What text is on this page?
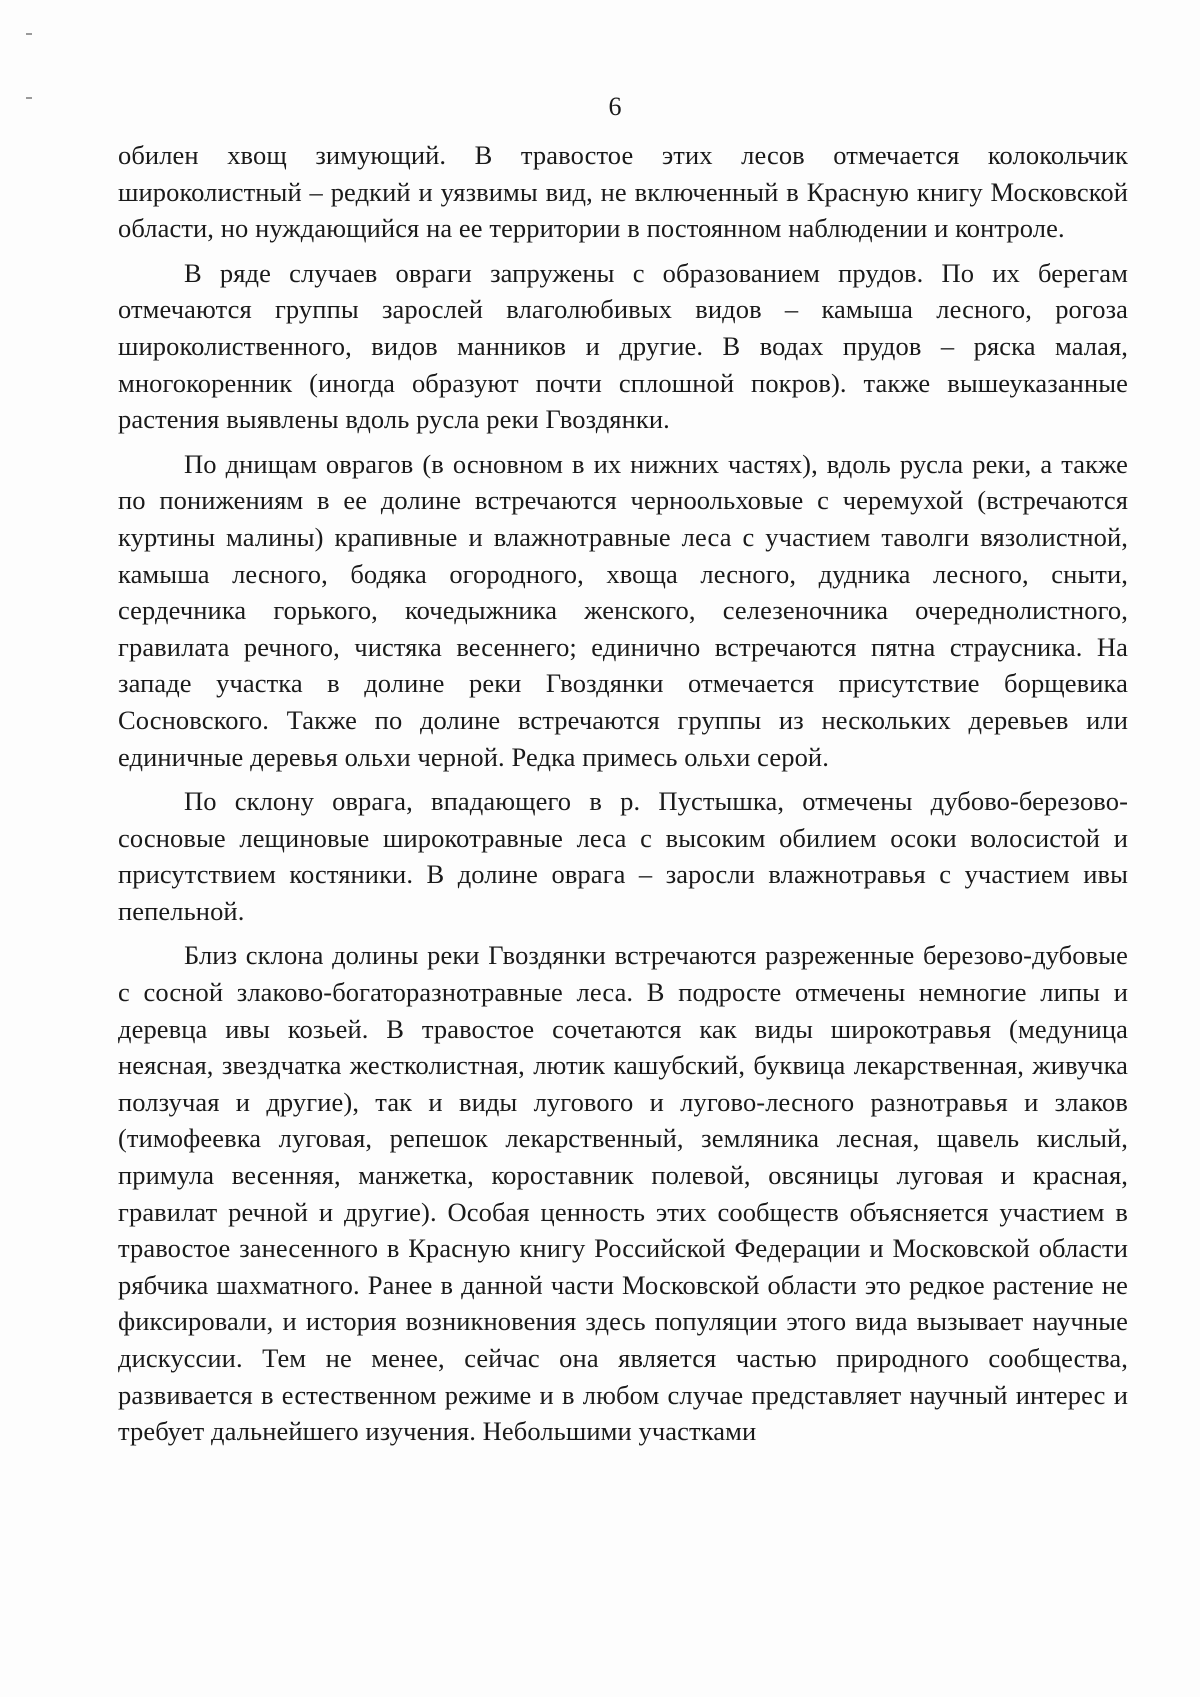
6

обилен хвощ зимующий. В травостое этих лесов отмечается колокольчик широколистный – редкий и уязвимы вид, не включенный в Красную книгу Московской области, но нуждающийся на ее территории в постоянном наблюдении и контроле.

В ряде случаев овраги запружены с образованием прудов. По их берегам отмечаются группы зарослей влаголюбивых видов – камыша лесного, рогоза широколиственного, видов манников и другие. В водах прудов – ряска малая, многокоренник (иногда образуют почти сплошной покров). также вышеуказанные растения выявлены вдоль русла реки Гвоздянки.

По днищам оврагов (в основном в их нижних частях), вдоль русла реки, а также по понижениям в ее долине встречаются черноольховые с черемухой (встречаются куртины малины) крапивные и влажнотравные леса с участием таволги вязолистной, камыша лесного, бодяка огородного, хвоща лесного, дудника лесного, сныти, сердечника горького, кочедыжника женского, селезеночника очереднолистного, гравилата речного, чистяка весеннего; единично встречаются пятна страусника. На западе участка в долине реки Гвоздянки отмечается присутствие борщевика Сосновского. Также по долине встречаются группы из нескольких деревьев или единичные деревья ольхи черной. Редка примесь ольхи серой.

По склону оврага, впадающего в р. Пустышка, отмечены дубово-березово-сосновые лещиновые широкотравные леса с высоким обилием осоки волосистой и присутствием костяники. В долине оврага – заросли влажнотравья с участием ивы пепельной.

Близ склона долины реки Гвоздянки встречаются разреженные березово-дубовые с сосной злаково-богаторазнотравные леса. В подросте отмечены немногие липы и деревца ивы козьей. В травостое сочетаются как виды широкотравья (медуница неясная, звездчатка жестколистная, лютик кашубский, буквица лекарственная, живучка ползучая и другие), так и виды лугового и лугово-лесного разнотравья и злаков (тимофеевка луговая, репешок лекарственный, земляника лесная, щавель кислый, примула весенняя, манжетка, короставник полевой, овсяницы луговая и красная, гравилат речной и другие). Особая ценность этих сообществ объясняется участием в травостое занесенного в Красную книгу Российской Федерации и Московской области рябчика шахматного. Ранее в данной части Московской области это редкое растение не фиксировали, и история возникновения здесь популяции этого вида вызывает научные дискуссии. Тем не менее, сейчас она является частью природного сообщества, развивается в естественном режиме и в любом случае представляет научный интерес и требует дальнейшего изучения. Небольшими участками
